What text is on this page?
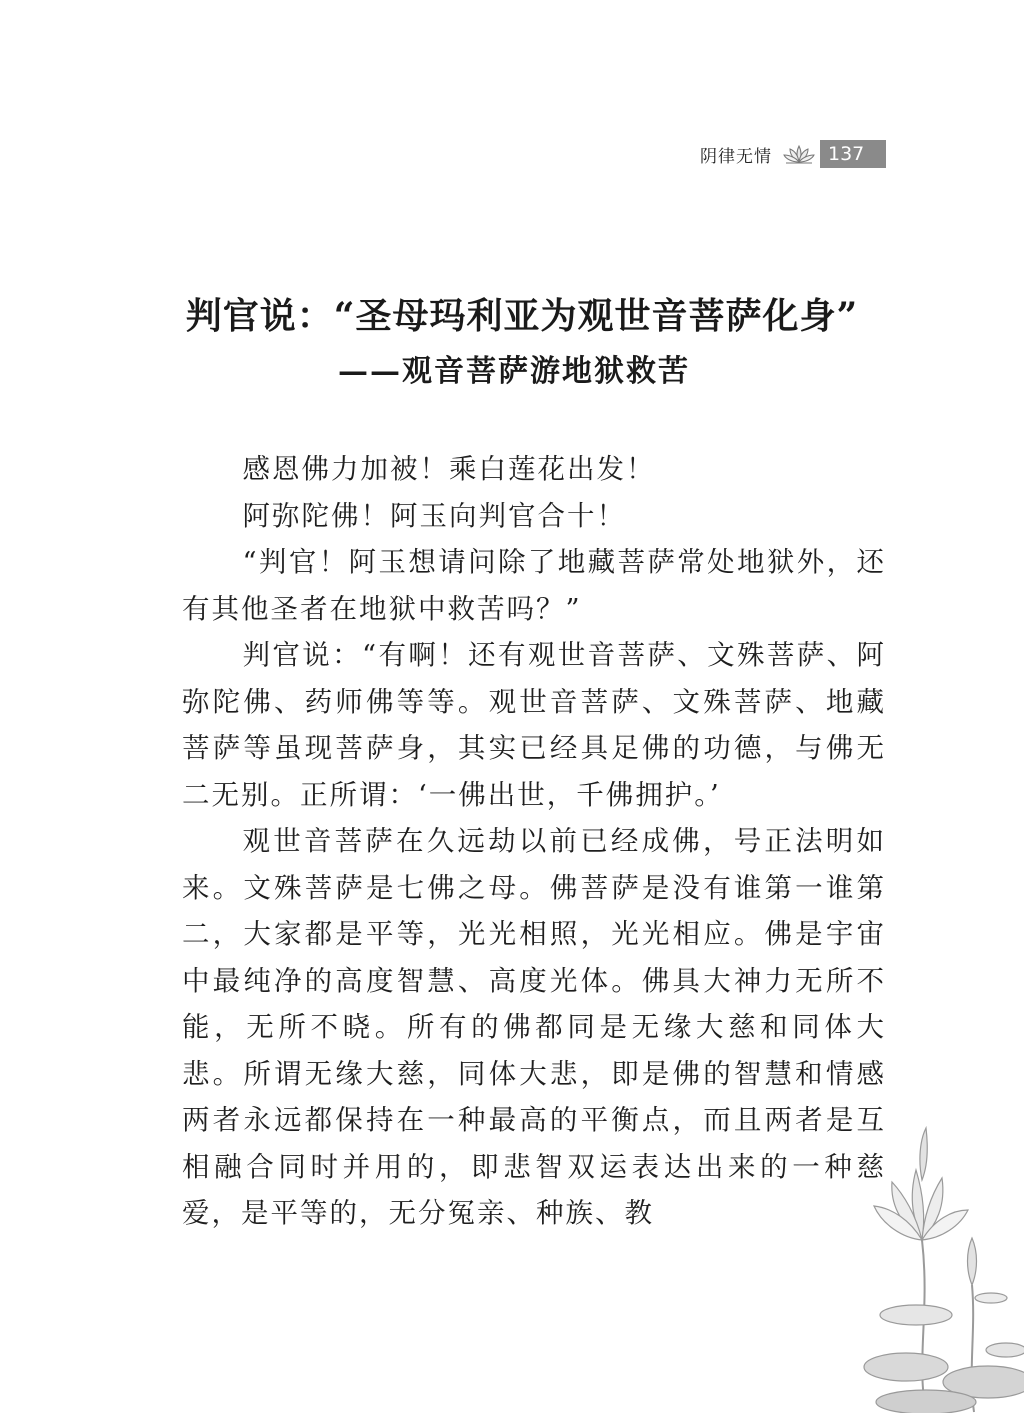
阴律无情	137
判官说：“圣母玛利亚为观世音菩萨化身”
——观音菩萨游地狱救苦

感恩佛力加被！乘白莲花出发！

阿弥陀佛！阿玉向判官合十！

“判官！阿玉想请问除了地藏菩萨常处地狱外，还有其他圣者在地狱中救苦吗？”

判官说：“有啊！还有观世音菩萨、文殊菩萨、阿弥陀佛、药师佛等等。观世音菩萨、文殊菩萨、地藏菩萨等虽现菩萨身，其实已经具足佛的功德，与佛无二无别。正所谓：‘一佛出世，千佛拥护。’

观世音菩萨在久远劫以前已经成佛，号正法明如来。文殊菩萨是七佛之母。佛菩萨是没有谁第一谁第二，大家都是平等，光光相照，光光相应。佛是宇宙中最纯净的高度智慧、高度光体。佛具大神力无所不能，无所不晓。所有的佛都同是无缘大慈和同体大悲。所谓无缘大慈，同体大悲，即是佛的智慧和情感两者永远都保持在一种最高的平衡点，而且两者是互相融合同时并用的，即悲智双运表达出来的一种慈爱，是平等的，无分冤亲、种族、教
